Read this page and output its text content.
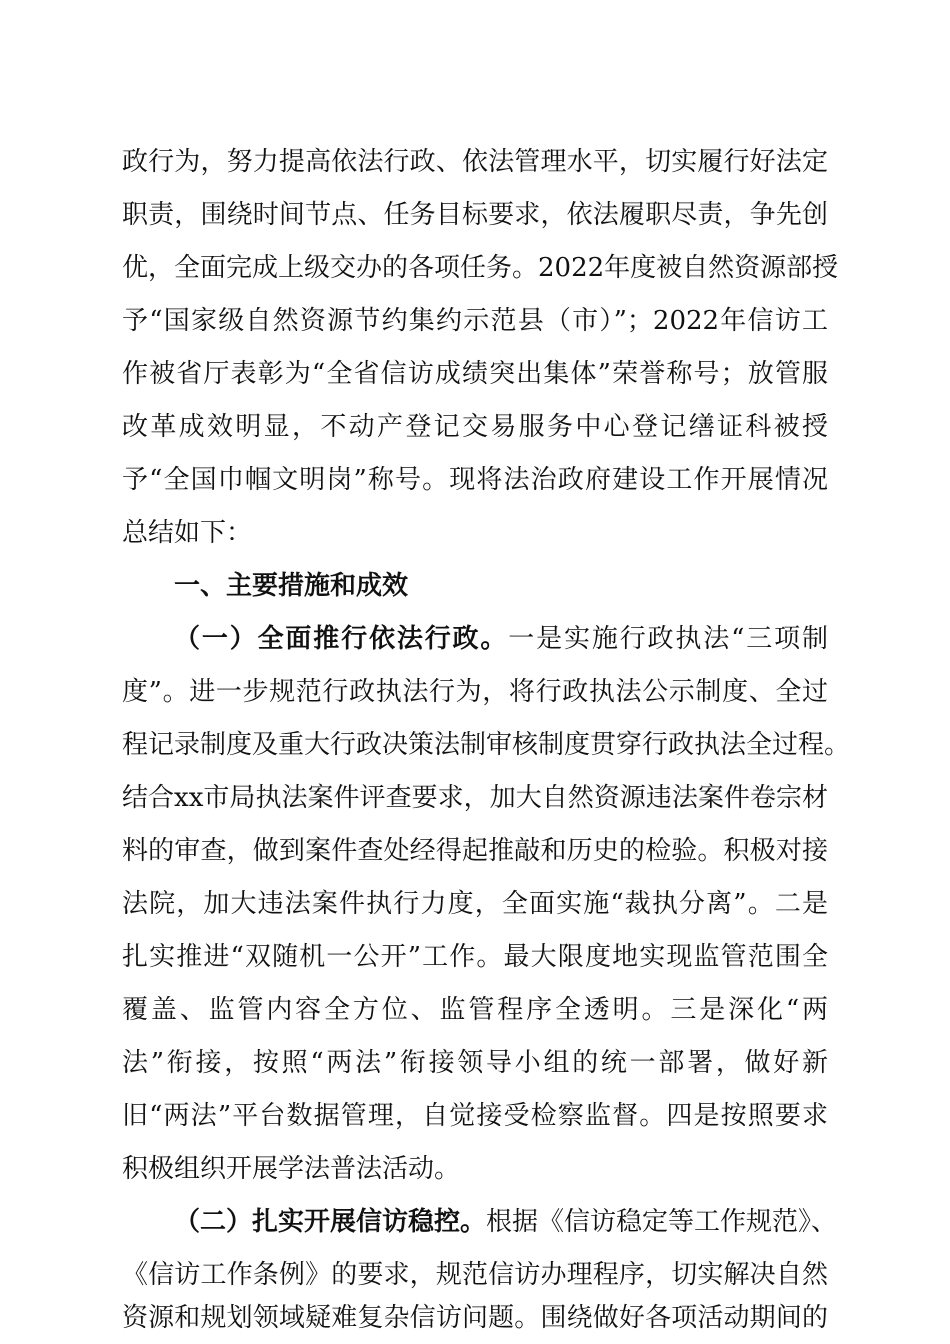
政行为，努力提高依法行政、依法管理水平，切实履行好法定
职责，围绕时间节点、任务目标要求，依法履职尽责，争先创
优，全面完成上级交办的各项任务。2022年度被自然资源部授
予“国家级自然资源节约集约示范县（市）”；2022年信访工
作被省厅表彰为“全省信访成绩突出集体”荣誉称号；放管服
改革成效明显，不动产登记交易服务中心登记缮证科被授
予“全国巾帼文明岗”称号。现将法治政府建设工作开展情况
总结如下：
一、主要措施和成效
（一）全面推行依法行政。一是实施行政执法“三项制
度”。进一步规范行政执法行为，将行政执法公示制度、全过
程记录制度及重大行政决策法制审核制度贯穿行政执法全过程。
结合xx市局执法案件评查要求，加大自然资源违法案件卷宗材
料的审查，做到案件查处经得起推敲和历史的检验。积极对接
法院，加大违法案件执行力度，全面实施“裁执分离”。二是
扎实推进“双随机一公开”工作。最大限度地实现监管范围全
覆盖、监管内容全方位、监管程序全透明。三是深化“两
法”衔接，按照“两法”衔接领导小组的统一部署，做好新
旧“两法”平台数据管理，自觉接受检察监督。四是按照要求
积极组织开展学法普法活动。
（二）扎实开展信访稳控。根据《信访稳定等工作规范》、
《信访工作条例》的要求，规范信访办理程序，切实解决自然
资源和规划领域疑难复杂信访问题。围绕做好各项活动期间的
